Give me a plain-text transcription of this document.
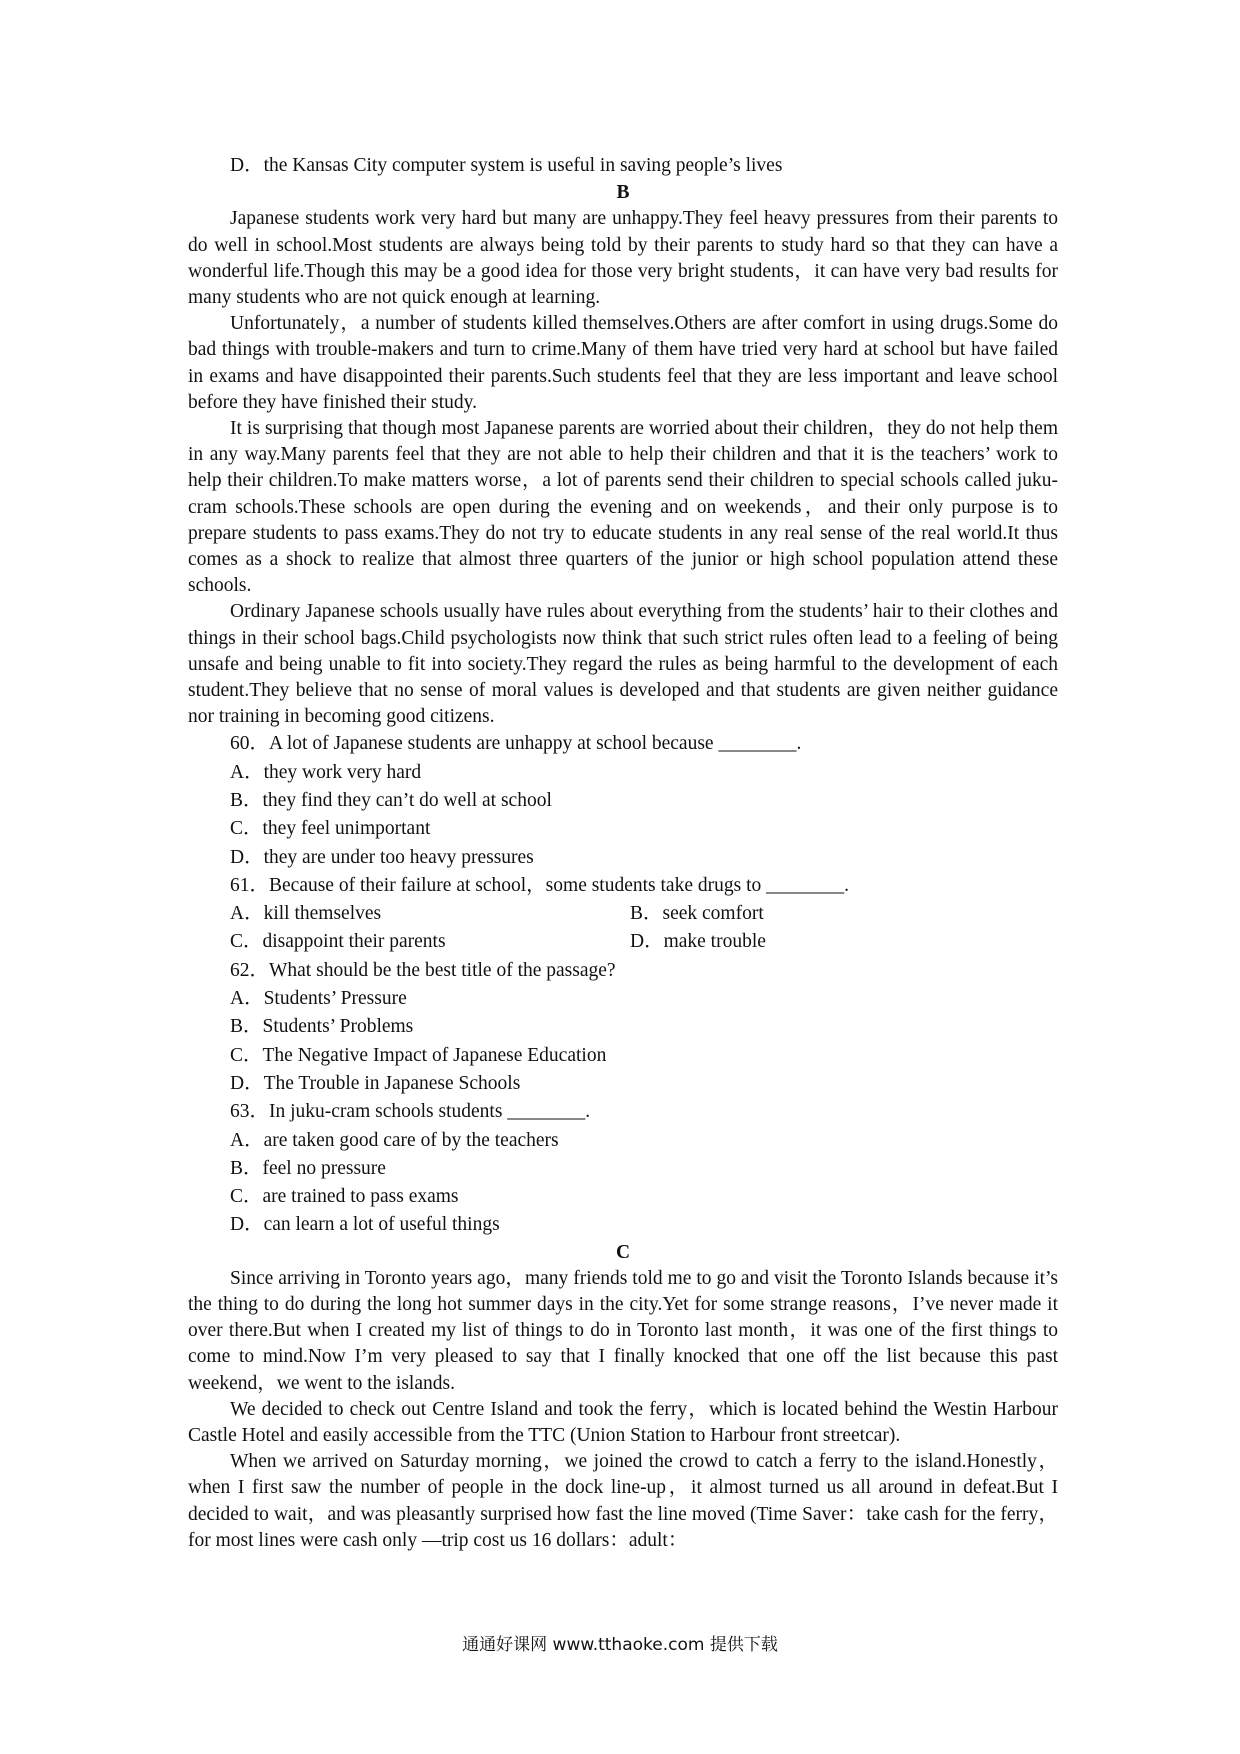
D．the Kansas City computer system is useful in saving people’s lives

B

Japanese students work very hard but many are unhappy.They feel heavy pressures from their parents to do well in school.Most students are always being told by their parents to study hard so that they can have a wonderful life.Though this may be a good idea for those very bright students，it can have very bad results for many students who are not quick enough at learning.

Unfortunately，a number of students killed themselves.Others are after comfort in using drugs.Some do bad things with trouble-makers and turn to crime.Many of them have tried very hard at school but have failed in exams and have disappointed their parents.Such students feel that they are less important and leave school before they have finished their study.

It is surprising that though most Japanese parents are worried about their children，they do not help them in any way.Many parents feel that they are not able to help their children and that it is the teachers’ work to help their children.To make matters worse，a lot of parents send their children to special schools called juku-cram schools.These schools are open during the evening and on weekends，and their only purpose is to prepare students to pass exams.They do not try to educate students in any real sense of the real world.It thus comes as a shock to realize that almost three quarters of the junior or high school population attend these schools.

Ordinary Japanese schools usually have rules about everything from the students’ hair to their clothes and things in their school bags.Child psychologists now think that such strict rules often lead to a feeling of being unsafe and being unable to fit into society.They regard the rules as being harmful to the development of each student.They believe that no sense of moral values is developed and that students are given neither guidance nor training in becoming good citizens.

60．A lot of Japanese students are unhappy at school because ________.

A．they work very hard

B．they find they can’t do well at school

C．they feel unimportant

D．they are under too heavy pressures

61．Because of their failure at school，some students take drugs to ________.

A．kill themselves	B．seek comfort
C．disappoint their parents	D．make trouble

62．What should be the best title of the passage?

A．Students’ Pressure

B．Students’ Problems

C．The Negative Impact of Japanese Education

D．The Trouble in Japanese Schools

63．In juku-cram schools students ________.

A．are taken good care of by the teachers

B．feel no pressure

C．are trained to pass exams

D．can learn a lot of useful things

C

Since arriving in Toronto years ago，many friends told me to go and visit the Toronto Islands because it’s the thing to do during the long hot summer days in the city.Yet for some strange reasons，I’ve never made it over there.But when I created my list of things to do in Toronto last month，it was one of the first things to come to mind.Now I’m very pleased to say that I finally knocked that one off the list because this past weekend，we went to the islands.

We decided to check out Centre Island and took the ferry，which is located behind the Westin Harbour Castle Hotel and easily accessible from the TTC (Union Station to Harbour front streetcar).

When we arrived on Saturday morning，we joined the crowd to catch a ferry to the island.Honestly，when I first saw the number of people in the dock line-up，it almost turned us all around in defeat.But I decided to wait，and was pleasantly surprised how fast the line moved (Time Saver：take cash for the ferry，for most lines were cash only —trip cost us 16 dollars：adult：

通通好课网 www.tthaoke.com 提供下载
